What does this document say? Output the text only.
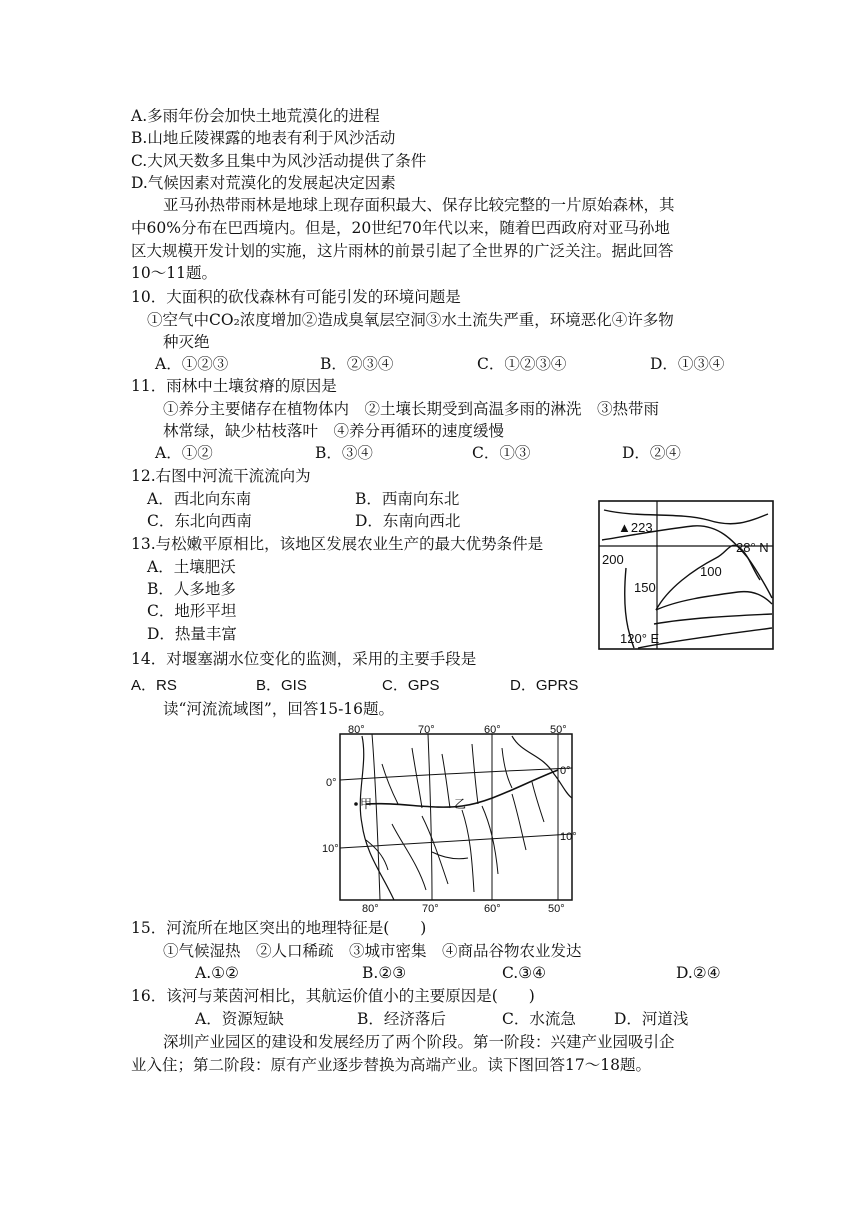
A.多雨年份会加快土地荒漠化的进程
B.山地丘陵裸露的地表有利于风沙活动
C.大风天数多且集中为风沙活动提供了条件
D.气候因素对荒漠化的发展起决定因素
亚马孙热带雨林是地球上现存面积最大、保存比较完整的一片原始森林，其
中60%分布在巴西境内。但是，20世纪70年代以来，随着巴西政府对亚马孙地
区大规模开发计划的实施，这片雨林的前景引起了全世界的广泛关注。据此回答
10～11题。
10．大面积的砍伐森林有可能引发的环境问题是
①空气中CO₂浓度增加②造成臭氧层空洞③水土流失严重，环境恶化④许多物
种灭绝
A．①②③	B．②③④	C．①②③④	D．①③④
11．雨林中土壤贫瘠的原因是
①养分主要储存在植物体内　②土壤长期受到高温多雨的淋洗　③热带雨
林常绿，缺少枯枝落叶　④养分再循环的速度缓慢
A．①②	B．③④	C．①③	D．②④
12.右图中河流干流流向为
A．西北向东南	B．西南向东北
C．东北向西南	D．东南向西北
13.与松嫩平原相比，该地区发展农业生产的最大优势条件是
A．土壤肥沃
B．人多地多
C．地形平坦
D．热量丰富
▲223
200
150
100
28° N
120° E
14．对堰塞湖水位变化的监测，采用的主要手段是
A．RS	B．GIS	C．GPS	D．GPRS
读“河流流域图”，回答15-16题。
80°	70°	60°	50°
80°	70°	60°	50°
0°
10°
0°
10°
甲	乙
15．河流所在地区突出的地理特征是(　　)
①气候湿热　②人口稀疏　③城市密集　④商品谷物农业发达
A.①②	B.②③	C.③④	D.②④
16．该河与莱茵河相比，其航运价值小的主要原因是(　　)
A．资源短缺	B．经济落后	C．水流急 D．河道浅
深圳产业园区的建设和发展经历了两个阶段。第一阶段：兴建产业园吸引企
业入住；第二阶段：原有产业逐步替换为高端产业。读下图回答17～18题。
